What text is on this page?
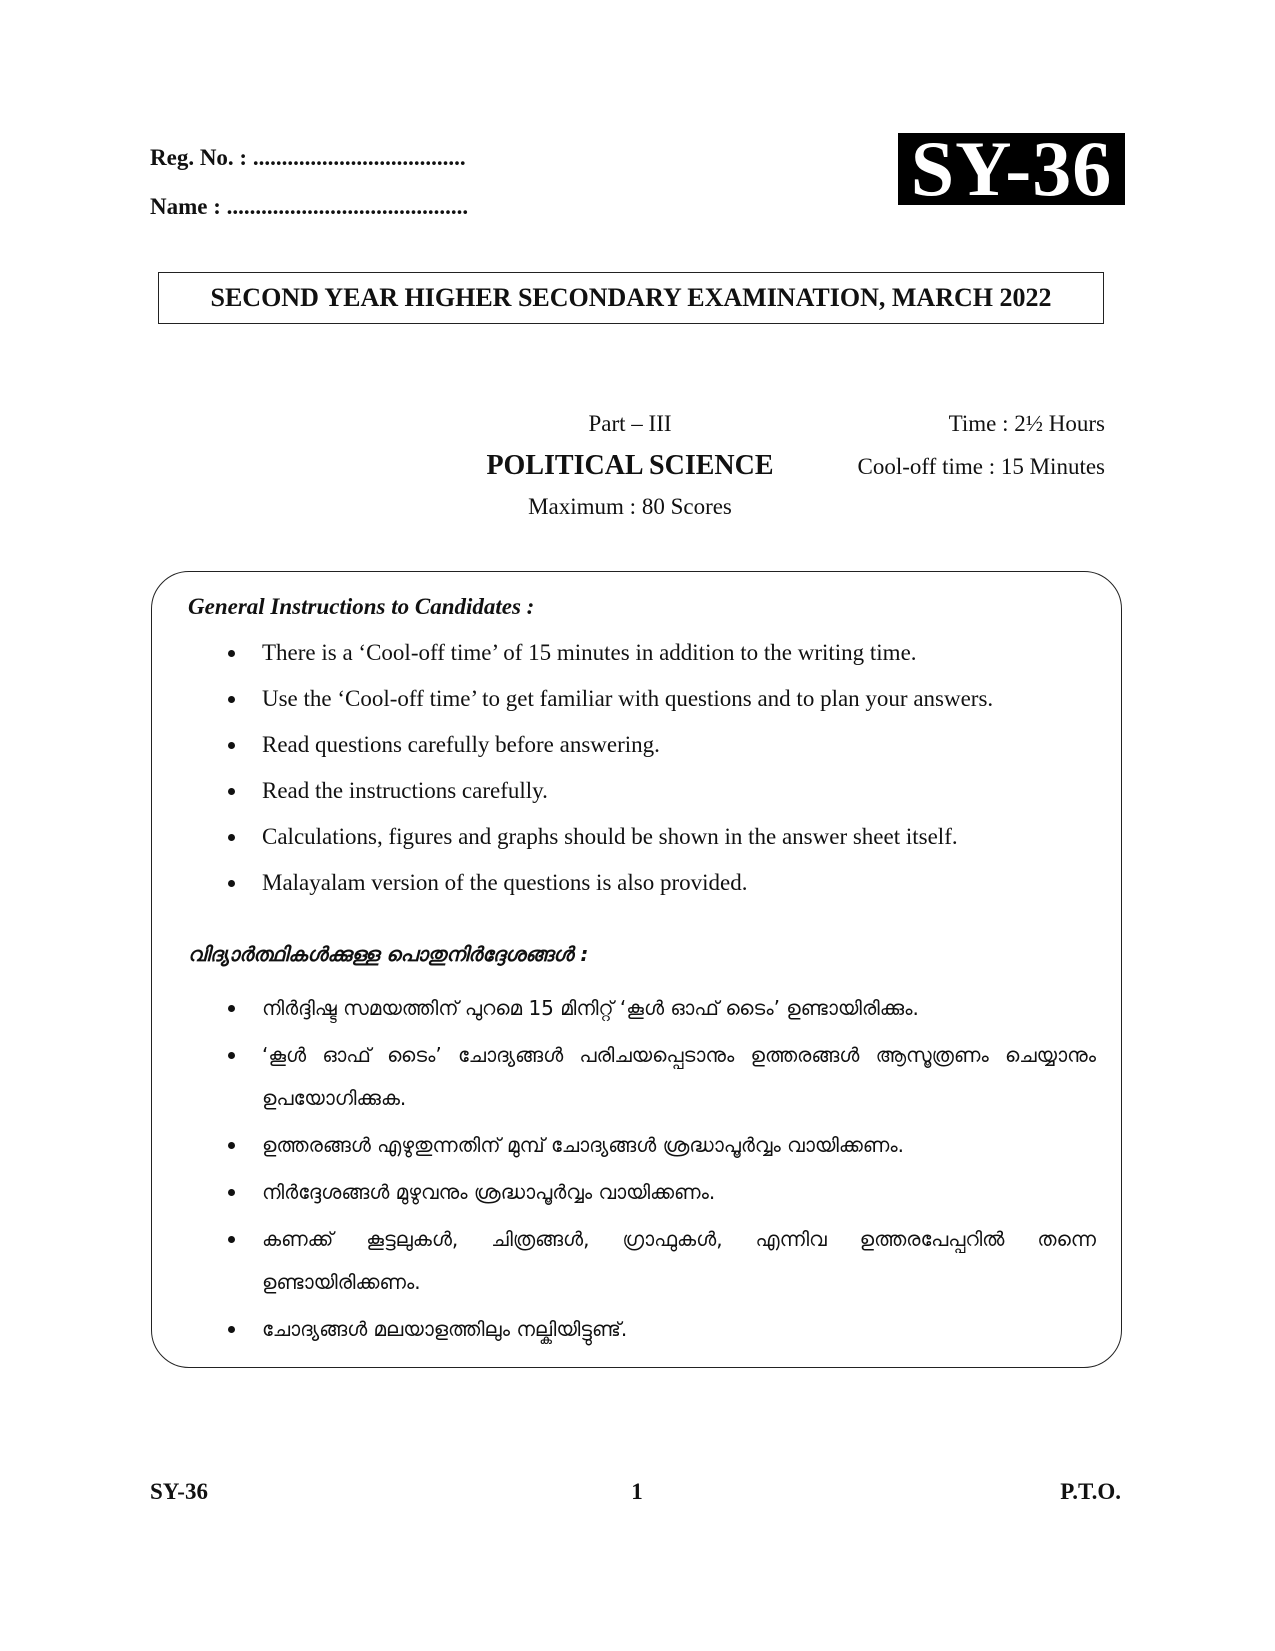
Reg. No. : .....................................
Name : ..........................................	SY-36
SECOND YEAR HIGHER SECONDARY EXAMINATION, MARCH 2022
Part – III
POLITICAL SCIENCE
Maximum : 80 Scores
Time : 2½ Hours
Cool-off time : 15 Minutes
General Instructions to Candidates :
There is a ‘Cool-off time’ of 15 minutes in addition to the writing time.
Use the ‘Cool-off time’ to get familiar with questions and to plan your answers.
Read questions carefully before answering.
Read the instructions carefully.
Calculations, figures and graphs should be shown in the answer sheet itself.
Malayalam version of the questions is also provided.
വിദ്യാർത്ഥികൾക്കുള്ള പൊതുനിർദ്ദേശങ്ങൾ :
നിർദ്ദിഷ്ട സമയത്തിന് പുറമെ 15 മിനിറ്റ് ‘കൂൾ ഓഫ് ടൈം’ ഉണ്ടായിരിക്കും.
‘കൂൾ ഓഫ് ടൈം’ ചോദ്യങ്ങൾ പരിചയപ്പെടാനും ഉത്തരങ്ങൾ ആസൂത്രണം ചെയ്യാനും ഉപയോഗിക്കുക.
ഉത്തരങ്ങൾ എഴുതുന്നതിന് മുമ്പ് ചോദ്യങ്ങൾ ശ്രദ്ധാപൂർവ്വം വായിക്കണം.
നിർദ്ദേശങ്ങൾ മുഴുവനും ശ്രദ്ധാപൂർവ്വം വായിക്കണം.
കണക്ക് കൂട്ടലുകൾ, ചിത്രങ്ങൾ, ഗ്രാഫുകൾ, എന്നിവ ഉത്തരപേപ്പറിൽ തന്നെ ഉണ്ടായിരിക്കണം.
ചോദ്യങ്ങൾ മലയാളത്തിലും നല്കിയിട്ടുണ്ട്.
SY-36	1	P.T.O.
